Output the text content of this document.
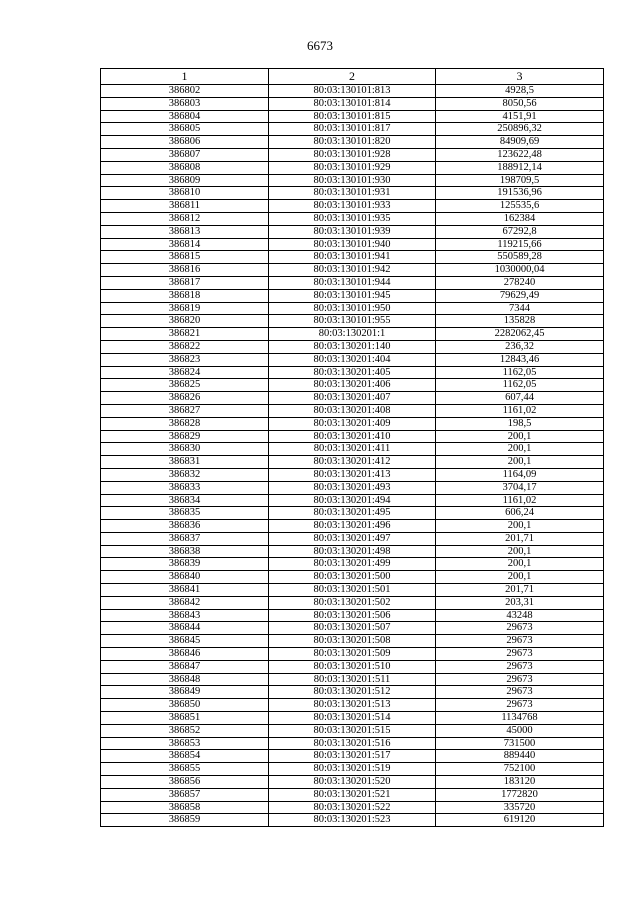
6673
1	2	3
386802	80:03:130101:813	4928,5
386803	80:03:130101:814	8050,56
386804	80:03:130101:815	4151,91
386805	80:03:130101:817	250896,32
386806	80:03:130101:820	84909,69
386807	80:03:130101:928	123622,48
386808	80:03:130101:929	188912,14
386809	80:03:130101:930	198709,5
386810	80:03:130101:931	191536,96
386811	80:03:130101:933	125535,6
386812	80:03:130101:935	162384
386813	80:03:130101:939	67292,8
386814	80:03:130101:940	119215,66
386815	80:03:130101:941	550589,28
386816	80:03:130101:942	1030000,04
386817	80:03:130101:944	278240
386818	80:03:130101:945	79629,49
386819	80:03:130101:950	7344
386820	80:03:130101:955	135828
386821	80:03:130201:1	2282062,45
386822	80:03:130201:140	236,32
386823	80:03:130201:404	12843,46
386824	80:03:130201:405	1162,05
386825	80:03:130201:406	1162,05
386826	80:03:130201:407	607,44
386827	80:03:130201:408	1161,02
386828	80:03:130201:409	198,5
386829	80:03:130201:410	200,1
386830	80:03:130201:411	200,1
386831	80:03:130201:412	200,1
386832	80:03:130201:413	1164,09
386833	80:03:130201:493	3704,17
386834	80:03:130201:494	1161,02
386835	80:03:130201:495	606,24
386836	80:03:130201:496	200,1
386837	80:03:130201:497	201,71
386838	80:03:130201:498	200,1
386839	80:03:130201:499	200,1
386840	80:03:130201:500	200,1
386841	80:03:130201:501	201,71
386842	80:03:130201:502	203,31
386843	80:03:130201:506	43248
386844	80:03:130201:507	29673
386845	80:03:130201:508	29673
386846	80:03:130201:509	29673
386847	80:03:130201:510	29673
386848	80:03:130201:511	29673
386849	80:03:130201:512	29673
386850	80:03:130201:513	29673
386851	80:03:130201:514	1134768
386852	80:03:130201:515	45000
386853	80:03:130201:516	731500
386854	80:03:130201:517	889440
386855	80:03:130201:519	752100
386856	80:03:130201:520	183120
386857	80:03:130201:521	1772820
386858	80:03:130201:522	335720
386859	80:03:130201:523	619120
